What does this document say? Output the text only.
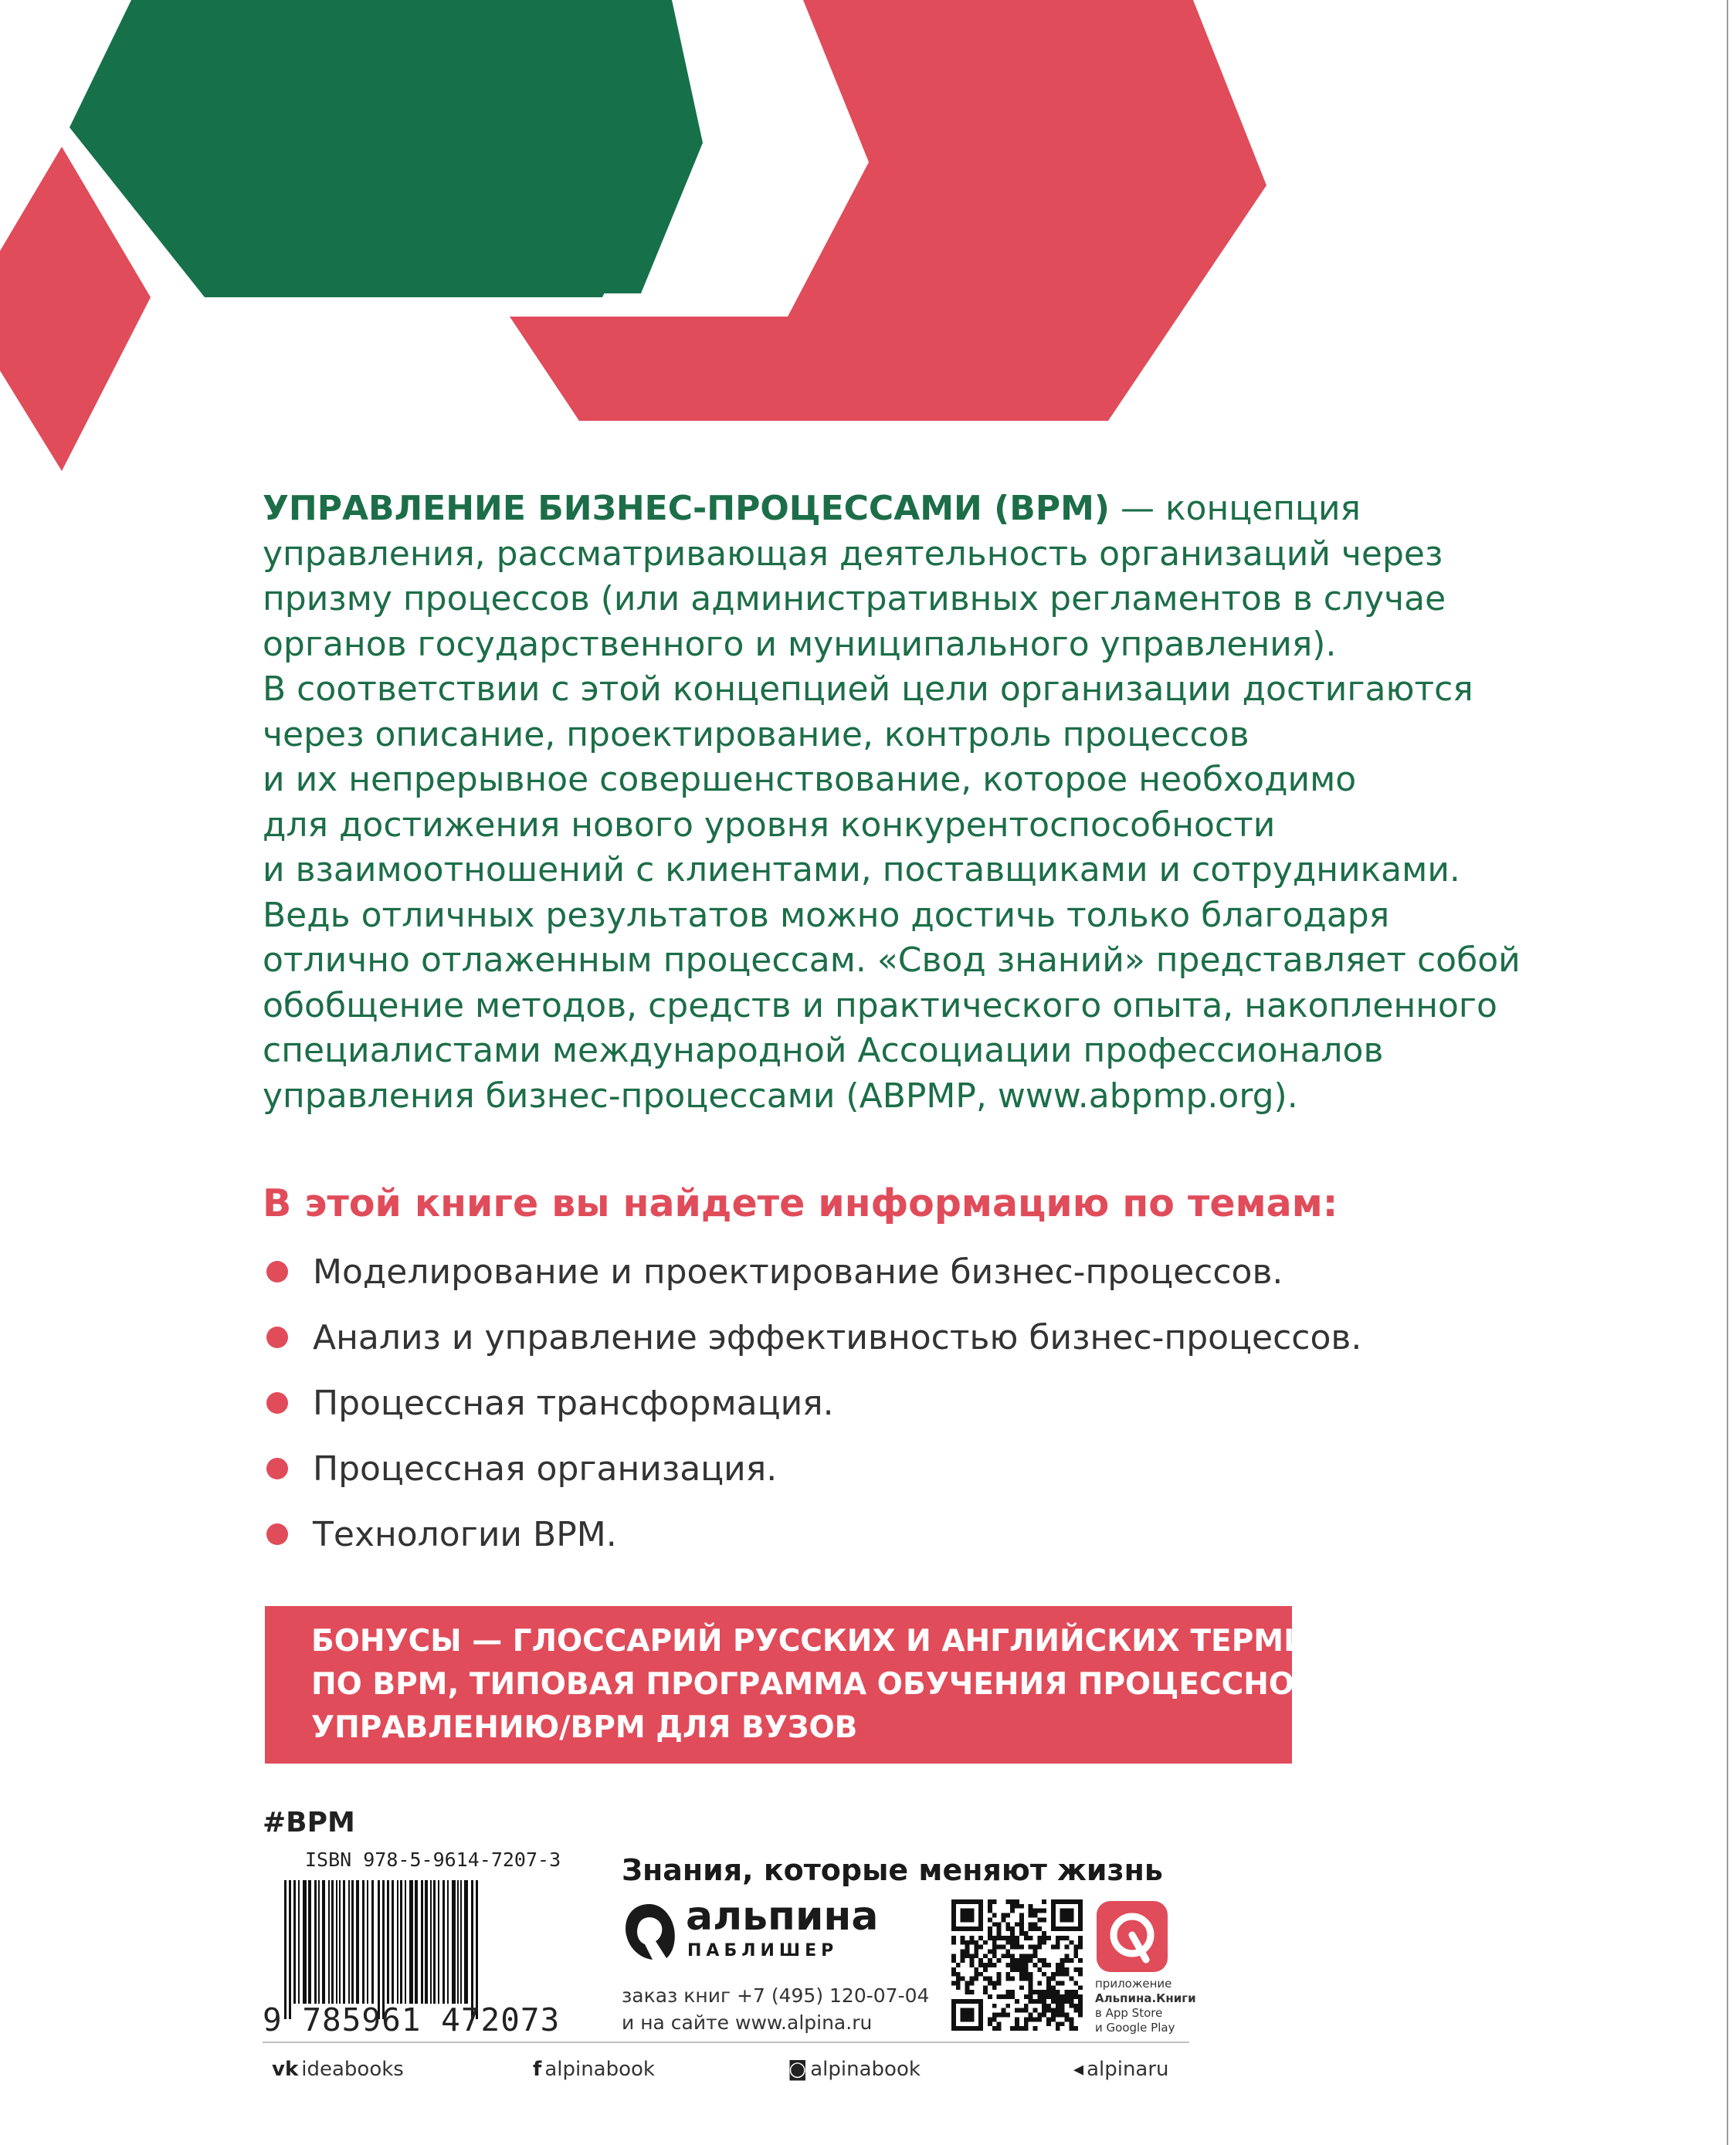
УПРАВЛЕНИЕ БИЗНЕС-ПРОЦЕССАМИ (BPM) — концепция
управления, рассматривающая деятельность организаций через
призму процессов (или административных регламентов в случае
органов государственного и муниципального управления).
В соответствии с этой концепцией цели организации достигаются
через описание, проектирование, контроль процессов
и их непрерывное совершенствование, которое необходимо
для достижения нового уровня конкурентоспособности
и взаимоотношений с клиентами, поставщиками и сотрудниками.
Ведь отличных результатов можно достичь только благодаря
отлично отлаженным процессам. «Свод знаний» представляет собой
обобщение методов, средств и практического опыта, накопленного
специалистами международной Ассоциации профессионалов
управления бизнес-процессами (ABPMP, www.abpmp.org).
В этой книге вы найдете информацию по темам:
Моделирование и проектирование бизнес-процессов.
Анализ и управление эффективностью бизнес-процессов.
Процессная трансформация.
Процессная организация.
Технологии BPM.
БОНУСЫ — ГЛОССАРИЙ РУССКИХ И АНГЛИЙСКИХ ТЕРМИНОВ
ПО BPM, ТИПОВАЯ ПРОГРАММА ОБУЧЕНИЯ ПРОЦЕССНОМУ
УПРАВЛЕНИЮ/BPM ДЛЯ ВУЗОВ
#BPM
ISBN 978-5-9614-7207-3
9 785961 472073
Знания, которые меняют жизнь
альпина
ПАБЛИШЕР
заказ книг +7 (495) 120-07-04
и на сайте www.alpina.ru
приложение
Альпина.Книги
в App Store
и Google Play
vk ideabooks	f alpinabook	◙ alpinabook	◂ alpinaru
